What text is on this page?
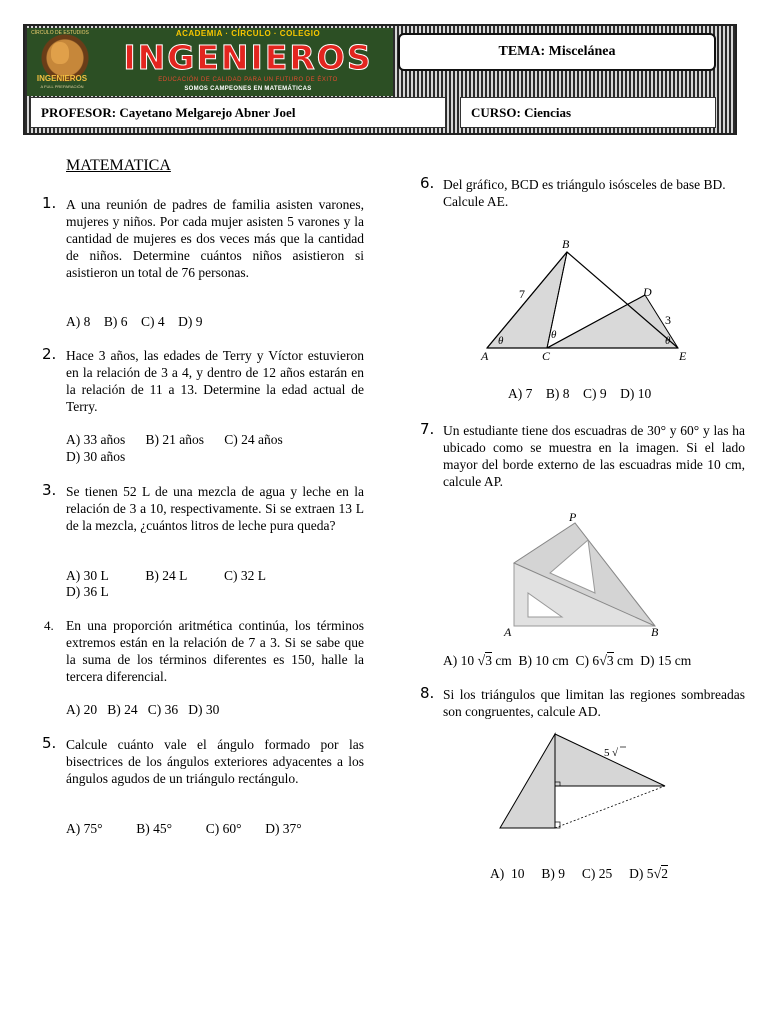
CÍRCULO DE ESTUDIOS
INGENIEROS
A FULL PREPARACIÓN
ACADEMIA · CÍRCULO · COLEGIO
INGENIEROS
EDUCACIÓN DE CALIDAD PARA UN FUTURO DE ÉXITO
SOMOS CAMPEONES EN MATEMÁTICAS
TEMA: Miscelánea
PROFESOR: Cayetano Melgarejo Abner Joel	CURSO: Ciencias
MATEMATICA
1. A una reunión de padres de familia asisten varones, mujeres y niños. Por cada mujer asisten 5 varones y la cantidad de mujeres es dos veces más que la cantidad de niños. Determine cuántos niños asistieron si asistieron un total de 76 personas.
A) 8    B) 6    C) 4    D) 9
2. Hace 3 años, las edades de Terry y Víctor estuvieron en la relación de 3 a 4, y dentro de 12 años estarán en la relación de 11 a 13. Determine la edad actual de Terry.
A) 33 años      B) 21 años      C) 24 años
D) 30 años
3. Se tienen 52 L de una mezcla de agua y leche en la relación de 3 a 10, respectivamente. Si se extraen 13 L de la mezcla, ¿cuántos litros de leche pura queda?
A) 30 L           B) 24 L           C) 32 L
D) 36 L
4. En una proporción aritmética continúa, los términos extremos están en la relación de 7 a 3. Si se sabe que la suma de los términos diferentes es 150, halle la tercera diferencial.
A) 20   B) 24   C) 36   D) 30
5. Calcule cuánto vale el ángulo formado por las bisectrices de los ángulos exteriores adyacentes a los ángulos agudos de un triángulo rectángulo.
A) 75°          B) 45°          C) 60°       D) 37°
6. Del gráfico, BCD es triángulo isósceles de base BD. Calcule AE.
B
D
A	C	E
7
3
θ	θ	θ
A) 7    B) 8    C) 9    D) 10
7. Un estudiante tiene dos escuadras de 30° y 60° y las ha ubicado como se muestra en la imagen. Si el lado mayor del borde externo de las escuadras mide 10 cm, calcule AP.
P
A	B
A) 10 √3 cm  B) 10 cm  C) 6√3 cm  D) 15 cm
8. Si los triángulos que limitan las regiones sombreadas son congruentes, calcule AD.
5 √
A)  10     B) 9     C) 25     D) 5√2
